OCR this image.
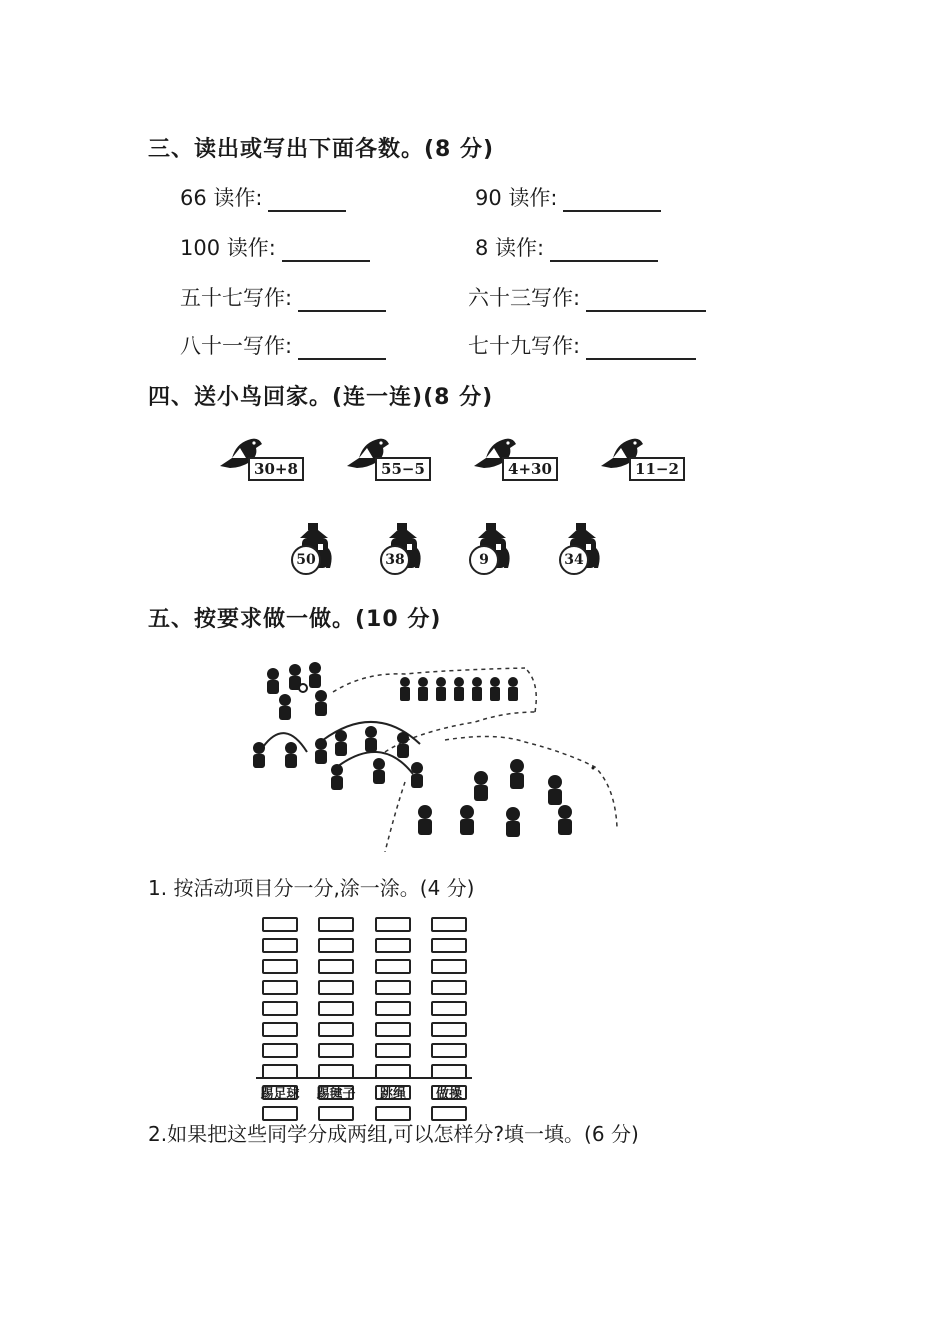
三、读出或写出下面各数。(8 分)
66 读作:	90 读作:
100 读作:	8 读作:
五十七写作:	六十三写作:
八十一写作:	七十九写作:
四、送小鸟回家。(连一连)(8 分)
30+8	55−5	4+30	11−2
50	38	9	34
五、按要求做一做。(10 分)
1. 按活动项目分一分,涂一涂。(4 分)
踢足球	踢毽子	跳绳	做操
2.如果把这些同学分成两组,可以怎样分?填一填。(6 分)
